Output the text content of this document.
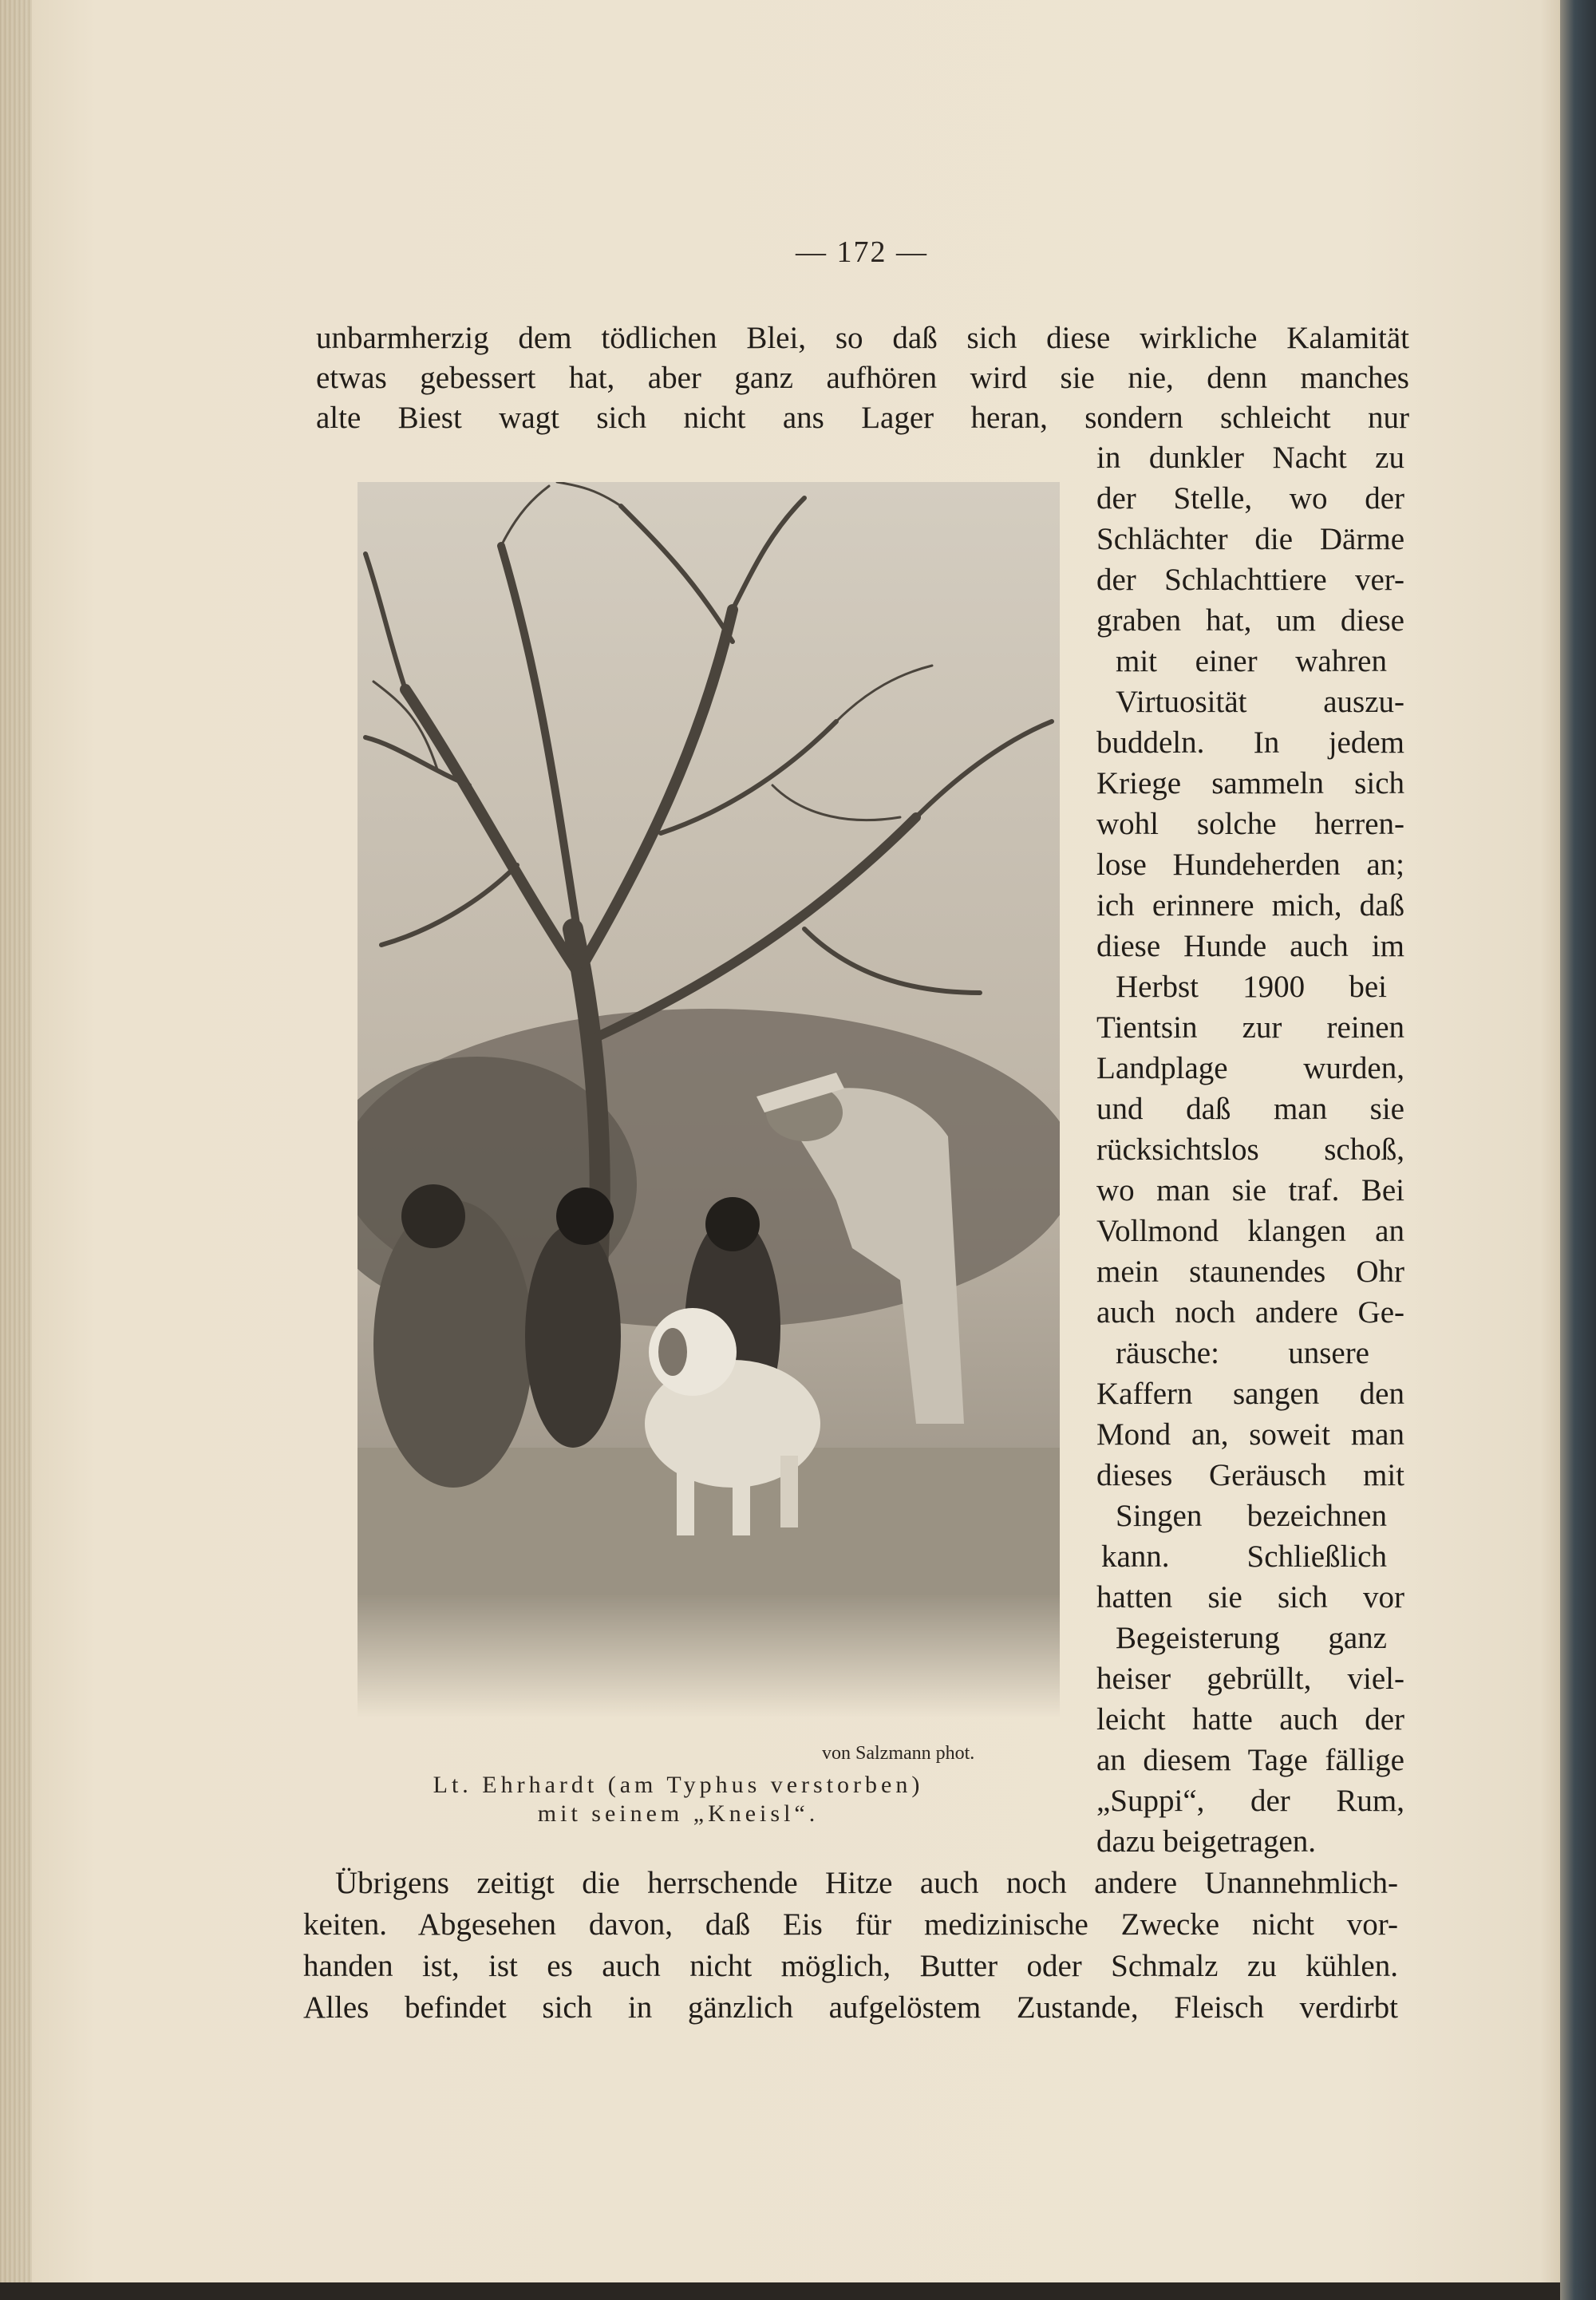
— 172 —
unbarmherzig dem tödlichen Blei, so daß sich diese wirkliche Kalamität
etwas gebessert hat, aber ganz aufhören wird sie nie, denn manches
alte Biest wagt sich nicht ans Lager heran, sondern schleicht nur
von Salzmann phot.
Lt. Ehrhardt (am Typhus verstorben)
mit seinem „Kneisl“.
in dunkler Nacht zu
der Stelle, wo der
Schlächter die Därme
der Schlachttiere ver-
graben hat, um diese
mit einer wahren
Virtuosität auszu-
buddeln. In jedem
Kriege sammeln sich
wohl solche herren-
lose Hundeherden an;
ich erinnere mich, daß
diese Hunde auch im
Herbst 1900 bei
Tientsin zur reinen
Landplage wurden,
und daß man sie
rücksichtslos schoß,
wo man sie traf. Bei
Vollmond klangen an
mein staunendes Ohr
auch noch andere Ge-
räusche: unsere
Kaffern sangen den
Mond an, soweit man
dieses Geräusch mit
Singen bezeichnen
kann. Schließlich
hatten sie sich vor
Begeisterung ganz
heiser gebrüllt, viel-
leicht hatte auch der
an diesem Tage fällige
„Suppi“, der Rum,
dazu beigetragen.
Übrigens zeitigt die herrschende Hitze auch noch andere Unannehmlich-
keiten. Abgesehen davon, daß Eis für medizinische Zwecke nicht vor-
handen ist, ist es auch nicht möglich, Butter oder Schmalz zu kühlen.
Alles befindet sich in gänzlich aufgelöstem Zustande, Fleisch verdirbt
